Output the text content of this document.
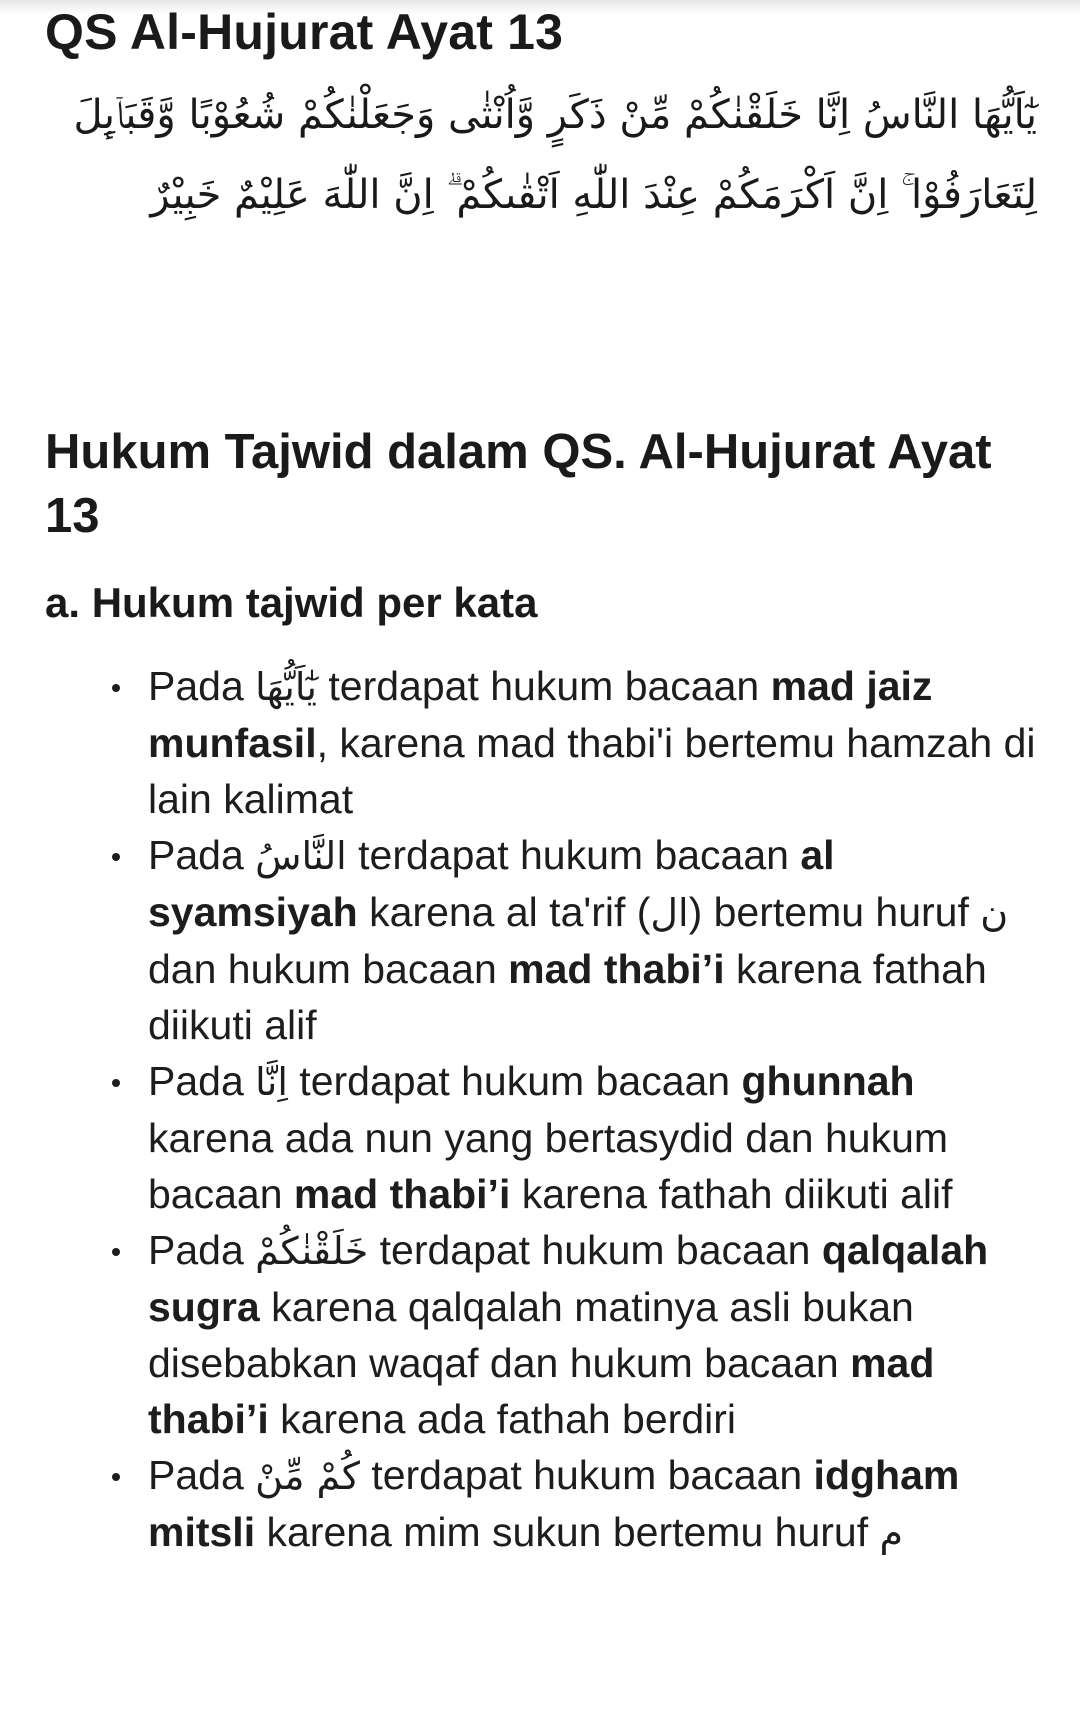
QS Al-Hujurat Ayat 13
يٰٓاَيُّهَا النَّاسُ اِنَّا خَلَقْنٰكُمْ مِّنْ ذَكَرٍ وَّاُنْثٰى وَجَعَلْنٰكُمْ شُعُوْبًا وَّقَبَاۤىِٕلَ لِتَعَارَفُوْا ۚ اِنَّ اَكْرَمَكُمْ عِنْدَ اللّٰهِ اَتْقٰىكُمْ ۗ اِنَّ اللّٰهَ عَلِيْمٌ خَبِيْرٌ
Hukum Tajwid dalam QS. Al-Hujurat Ayat 13
a. Hukum tajwid per kata
Pada يٰٓاَيُّهَا terdapat hukum bacaan mad jaiz munfasil, karena mad thabi'i bertemu hamzah di lain kalimat
Pada النَّاسُ terdapat hukum bacaan al syamsiyah karena al ta'rif (ال) bertemu huruf ن dan hukum bacaan mad thabi’i karena fathah diikuti alif
Pada اِنَّا terdapat hukum bacaan ghunnah karena ada nun yang bertasydid dan hukum bacaan mad thabi’i karena fathah diikuti alif
Pada خَلَقْنٰكُمْ terdapat hukum bacaan qalqalah sugra karena qalqalah matinya asli bukan disebabkan waqaf dan hukum bacaan mad thabi’i karena ada fathah berdiri
Pada كُمْ مِّنْ terdapat hukum bacaan idgham mitsli karena mim sukun bertemu huruf م
